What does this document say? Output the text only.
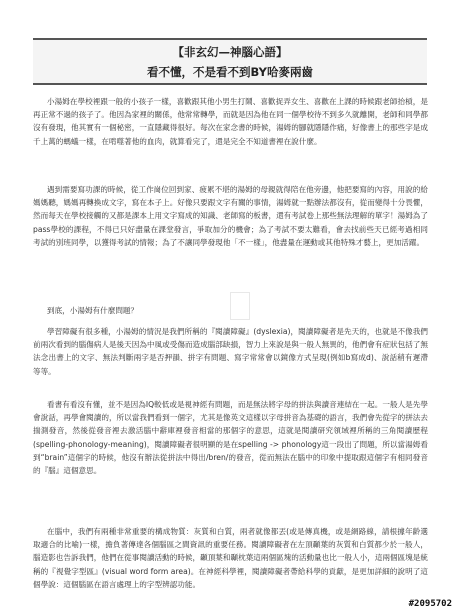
【非玄幻—神腦心語】
看不懂，不是看不到BY哈麥兩齒

小湯姆在學校裡跟一般的小孩子一樣，喜歡跟其他小男生打鬧、喜歡捉弄女生、喜歡在上課的時候跟老師抬槓，是再正常不過的孩子了。他因為家裡的關係，他常常轉學，而就是因為他在同一個學校待不到多久就離開，老師和同學都沒有發現，他其實有一個秘密，一直隱藏得很好。每次在家念書的時候，湯姆的腳就隱隱作痛，好像書上的那些字是成千上萬的螞蟻一樣，在啃噬著他的血肉，就算看完了，還是完全不知道書裡在說什麼。

遇到需要寫功課的時候，從工作崗位回到家、疲累不堪的湯姆的母親就得陪在他旁邊，他把要寫的內容，用說的給媽媽聽，媽媽再轉換成文字，寫在本子上。好像只要跟文字有關的事情，湯姆就一點辦法都沒有，從而變得十分畏懼，然而每天在學校接觸的又都是課本上用文字寫成的知識、老師寫的板書，還有考試卷上那些無法理解的單字！湯姆為了pass學校的課程，不得已只好盡量在課堂發言，爭取加分的機會；為了考試不要太難看，會去找前些天已經考過相同考試的別班同學，以獲得考試的情報；為了不讓同學發現他「不一樣」，他盡量在運動或其他特殊才藝上，更加活躍。

到底，小湯姆有什麼問題？

學習障礙有很多種，小湯姆的情況是我們所稱的『閱讀障礙』(dyslexia)，閱讀障礙者是先天的，也就是不像我們前兩次看到的腦傷病人是後天因為中風或受傷而造成腦部缺損，智力上來說是與一般人無異的，他們會有症狀包括了無法念出書上的文字、無法判斷兩字是否押韻、拼字有問題、寫字常常會以鏡像方式呈現(例如b寫成d)、說話稍有遲滯等等。

看書有看沒有懂，並不是因為IQ較低或是視神經有問題，而是無法將字母的拼法與讀音連結在一起。一般人是先學會說話，再學會閱讀的，所以當我們看到一個字，尤其是像英文這樣以字母拼音為基礎的語言，我們會先從字的拼法去揣測發音，然後從發音裡去激活腦中辭庫裡發音相當的那個字的意思，這就是閱讀研究領域裡所稱的三角閱讀歷程(spelling-phonology-meaning)，閱讀障礙者很明顯的是在spelling -> phonology這一段出了問題，所以當湯姆看到“brain”這個字的時候，他沒有辦法從拼法中得出/bren/的發音，從而無法在腦中的印象中提取跟這個字有相同發音的『腦』這個意思。

在腦中，我們有兩種非常重要的構成物質：灰質和白質，兩者就像都丟(或是傳真機，或是網路線，請根據年齡選取適合的比喻)一樣，擔負著傳達各個腦區之間資訊的重要任務。閱讀障礙者在左頂顳葉的灰質和白質都少於一般人，腦造影也告訴我們，他們在從事閱讀活動的時候，顳頂葉和顳枕葉這兩個區塊的活動量也比一般人小，這兩個區塊是統稱的『視覺字型區』(visual word form area)。在神經科學裡，閱讀障礙者帶給科學的貢獻，是更加詳細的說明了這個學說：這個腦區在語言處理上的字型辨認功能。

#2095702
